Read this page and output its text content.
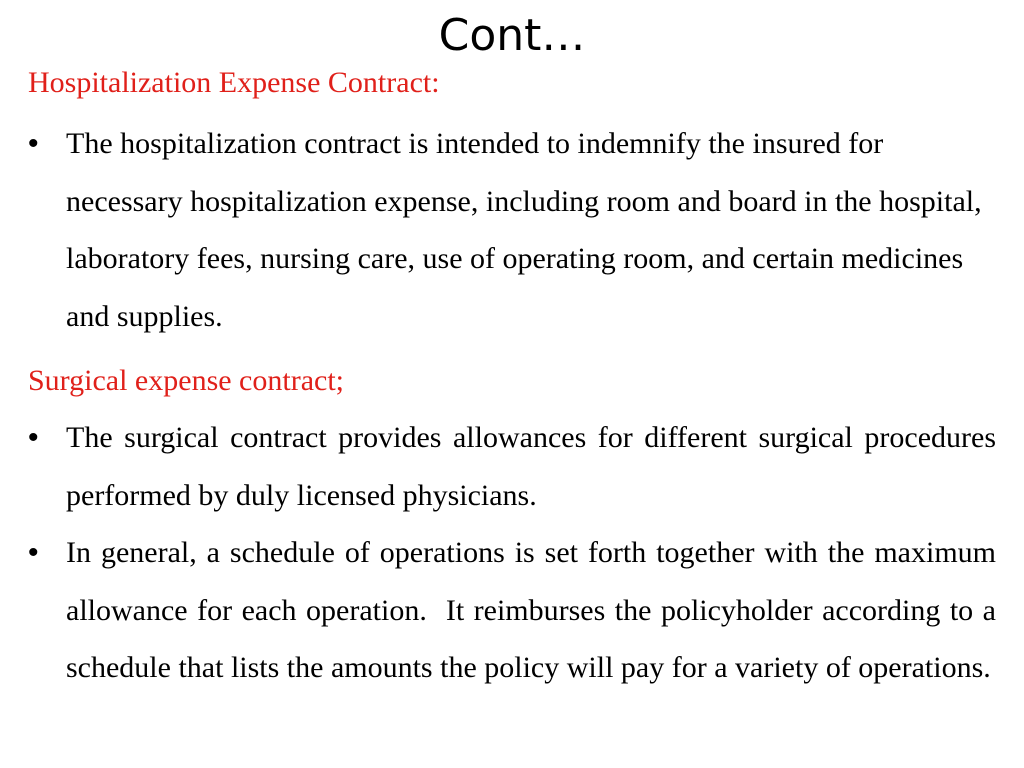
Cont…
Hospitalization Expense Contract:
• The hospitalization contract is intended to indemnify the insured for necessary hospitalization expense, including room and board in the hospital, laboratory fees, nursing care, use of operating room, and certain medicines and supplies.
Surgical expense contract;
• The surgical contract provides allowances for different surgical procedures performed by duly licensed physicians.
• In general, a schedule of operations is set forth together with the maximum allowance for each operation.  It reimburses the policyholder according to a schedule that lists the amounts the policy will pay for a variety of operations.
